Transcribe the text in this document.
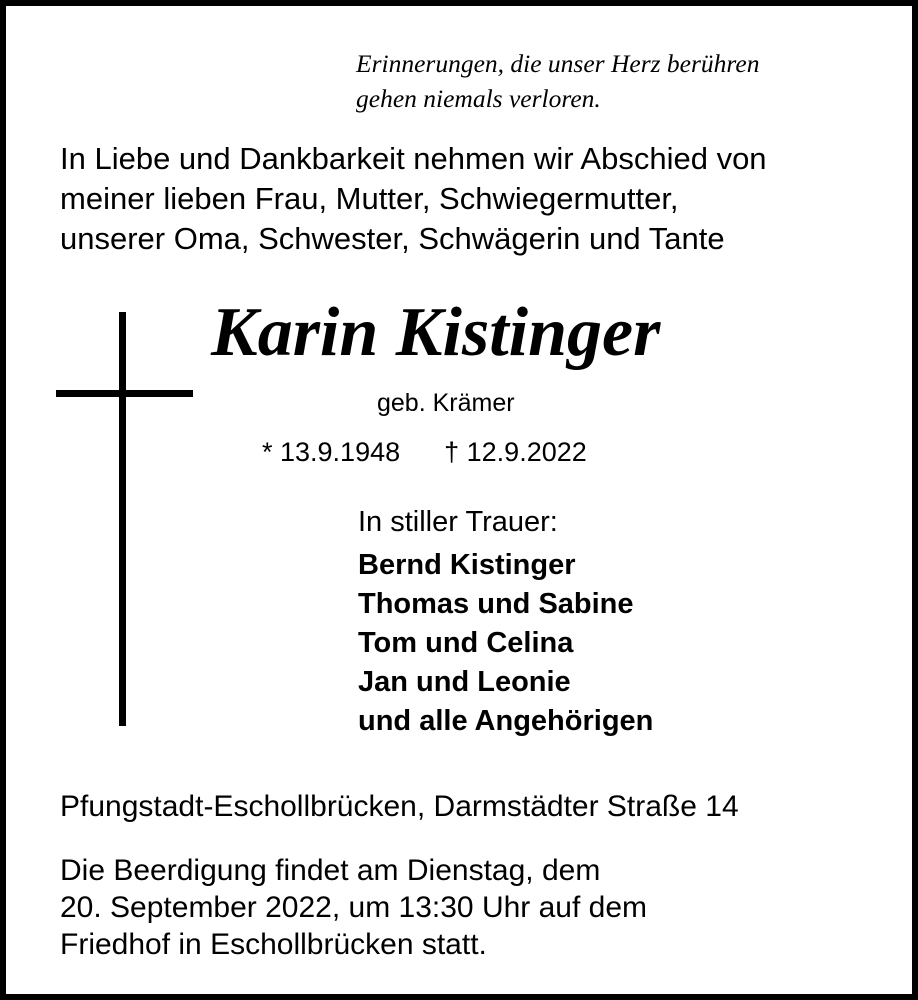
Erinnerungen, die unser Herz berühren
gehen niemals verloren.
In Liebe und Dankbarkeit nehmen wir Abschied von
meiner lieben Frau, Mutter, Schwiegermutter,
unserer Oma, Schwester, Schwägerin und Tante
Karin Kistinger
geb. Krämer
* 13.9.1948 † 12.9.2022
In stiller Trauer:
Bernd Kistinger
Thomas und Sabine
Tom und Celina
Jan und Leonie
und alle Angehörigen
Pfungstadt-Eschollbrücken, Darmstädter Straße 14
Die Beerdigung findet am Dienstag, dem
20. September 2022, um 13:30 Uhr auf dem
Friedhof in Eschollbrücken statt.
